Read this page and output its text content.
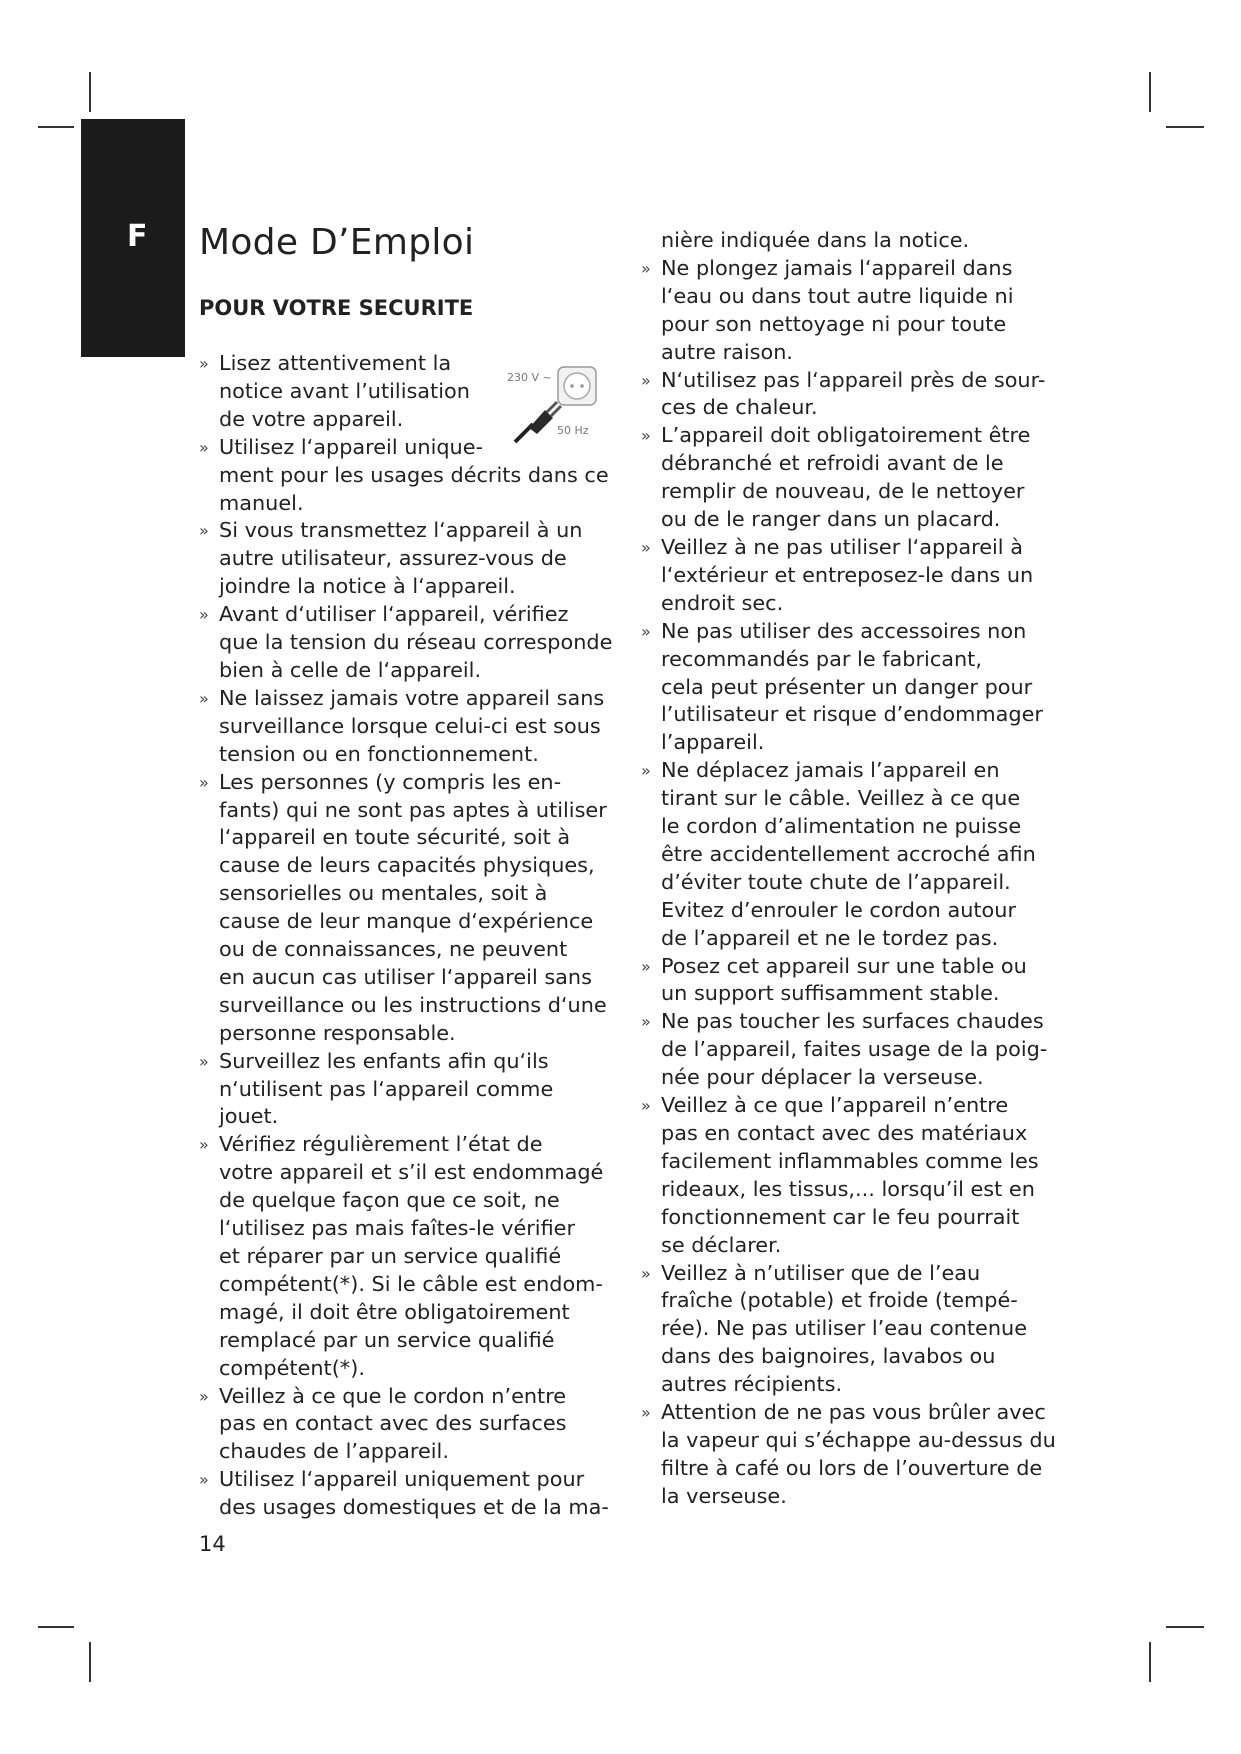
F Mode D’Emploi
POUR VOTRE SECURITE
230 V ~
50 Hz
» Lisez attentivement la
notice avant l’utilisation
de votre appareil.
» Utilisez l‘appareil unique-
ment pour les usages décrits dans ce
manuel.
» Si vous transmettez l‘appareil à un
autre utilisateur, assurez-vous de
joindre la notice à l‘appareil.
» Avant d‘utiliser l‘appareil, vérifiez
que la tension du réseau corresponde
bien à celle de l‘appareil.
» Ne laissez jamais votre appareil sans
surveillance lorsque celui-ci est sous
tension ou en fonctionnement.
» Les personnes (y compris les en-
fants) qui ne sont pas aptes à utiliser
l‘appareil en toute sécurité, soit à
cause de leurs capacités physiques,
sensorielles ou mentales, soit à
cause de leur manque d‘expérience
ou de connaissances, ne peuvent
en aucun cas utiliser l‘appareil sans
surveillance ou les instructions d‘une
personne responsable.
» Surveillez les enfants afin qu‘ils
n‘utilisent pas l‘appareil comme
jouet.
» Vérifiez régulièrement l’état de
votre appareil et s’il est endommagé
de quelque façon que ce soit, ne
l‘utilisez pas mais faîtes-le vérifier
et réparer par un service qualifié
compétent(*). Si le câble est endom-
magé, il doit être obligatoirement
remplacé par un service qualifié
compétent(*).
» Veillez à ce que le cordon n’entre
pas en contact avec des surfaces
chaudes de l’appareil.
» Utilisez l‘appareil uniquement pour
des usages domestiques et de la ma-
nière indiquée dans la notice.
» Ne plongez jamais l‘appareil dans
l‘eau ou dans tout autre liquide ni
pour son nettoyage ni pour toute
autre raison.
» N‘utilisez pas l‘appareil près de sour-
ces de chaleur.
» L’appareil doit obligatoirement être
débranché et refroidi avant de le
remplir de nouveau, de le nettoyer
ou de le ranger dans un placard.
» Veillez à ne pas utiliser l‘appareil à
l‘extérieur et entreposez-le dans un
endroit sec.
» Ne pas utiliser des accessoires non
recommandés par le fabricant,
cela peut présenter un danger pour
l’utilisateur et risque d’endommager
l’appareil.
» Ne déplacez jamais l’appareil en
tirant sur le câble. Veillez à ce que
le cordon d’alimentation ne puisse
être accidentellement accroché afin
d’éviter toute chute de l’appareil.
Evitez d’enrouler le cordon autour
de l’appareil et ne le tordez pas.
» Posez cet appareil sur une table ou
un support suffisamment stable.
» Ne pas toucher les surfaces chaudes
de l’appareil, faites usage de la poig-
née pour déplacer la verseuse.
» Veillez à ce que l’appareil n’entre
pas en contact avec des matériaux
facilement inflammables comme les
rideaux, les tissus,... lorsqu’il est en
fonctionnement car le feu pourrait
se déclarer.
» Veillez à n’utiliser que de l’eau
fraîche (potable) et froide (tempé-
rée). Ne pas utiliser l’eau contenue
dans des baignoires, lavabos ou
autres récipients.
» Attention de ne pas vous brûler avec
la vapeur qui s’échappe au-dessus du
filtre à café ou lors de l’ouverture de
la verseuse.
14
